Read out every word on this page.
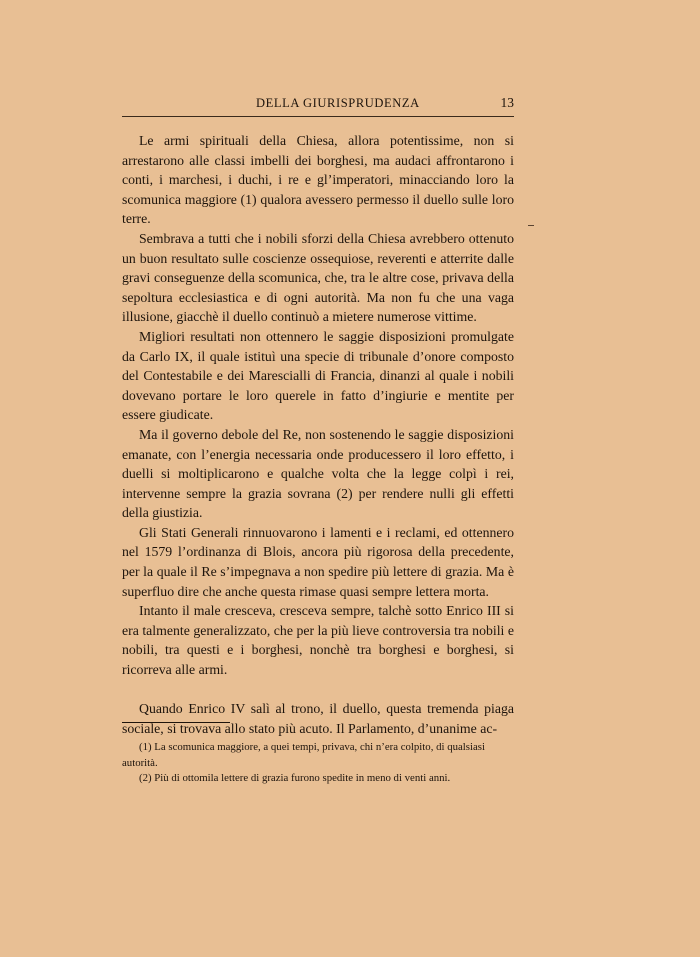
DELLA GIURISPRUDENZA	13

Le armi spirituali della Chiesa, allora potentissime, non si arrestarono alle classi imbelli dei borghesi, ma audaci affrontarono i conti, i marchesi, i duchi, i re e gl’imperatori, minacciando loro la scomunica maggiore (1) qualora avessero permesso il duello sulle loro terre.

Sembrava a tutti che i nobili sforzi della Chiesa avrebbero ottenuto un buon resultato sulle coscienze ossequiose, reverenti e atterrite dalle gravi conseguenze della scomunica, che, tra le altre cose, privava della sepoltura ecclesiastica e di ogni autorità. Ma non fu che una vaga illusione, giacchè il duello continuò a mietere numerose vittime.

Migliori resultati non ottennero le saggie disposizioni promulgate da Carlo IX, il quale istituì una specie di tribunale d’onore composto del Contestabile e dei Marescialli di Francia, dinanzi al quale i nobili dovevano portare le loro querele in fatto d’ingiurie e mentite per essere giudicate.

Ma il governo debole del Re, non sostenendo le saggie disposizioni emanate, con l’energia necessaria onde producessero il loro effetto, i duelli si moltiplicarono e qualche volta che la legge colpì i rei, intervenne sempre la grazia sovrana (2) per rendere nulli gli effetti della giustizia.

Gli Stati Generali rinnuovarono i lamenti e i reclami, ed ottennero nel 1579 l’ordinanza di Blois, ancora più rigorosa della precedente, per la quale il Re s’impegnava a non spedire più lettere di grazia. Ma è superfluo dire che anche questa rimase quasi sempre lettera morta.

Intanto il male cresceva, cresceva sempre, talchè sotto Enrico III si era talmente generalizzato, che per la più lieve controversia tra nobili e nobili, tra questi e i borghesi, nonchè tra borghesi e borghesi, si ricorreva alle armi.

Quando Enrico IV salì al trono, il duello, questa tremenda piaga sociale, si trovava allo stato più acuto. Il Parlamento, d’unanime ac-

(1) La scomunica maggiore, a quei tempi, privava, chi n’era colpito, di qualsiasi autorità.

(2) Più di ottomila lettere di grazia furono spedite in meno di venti anni.
